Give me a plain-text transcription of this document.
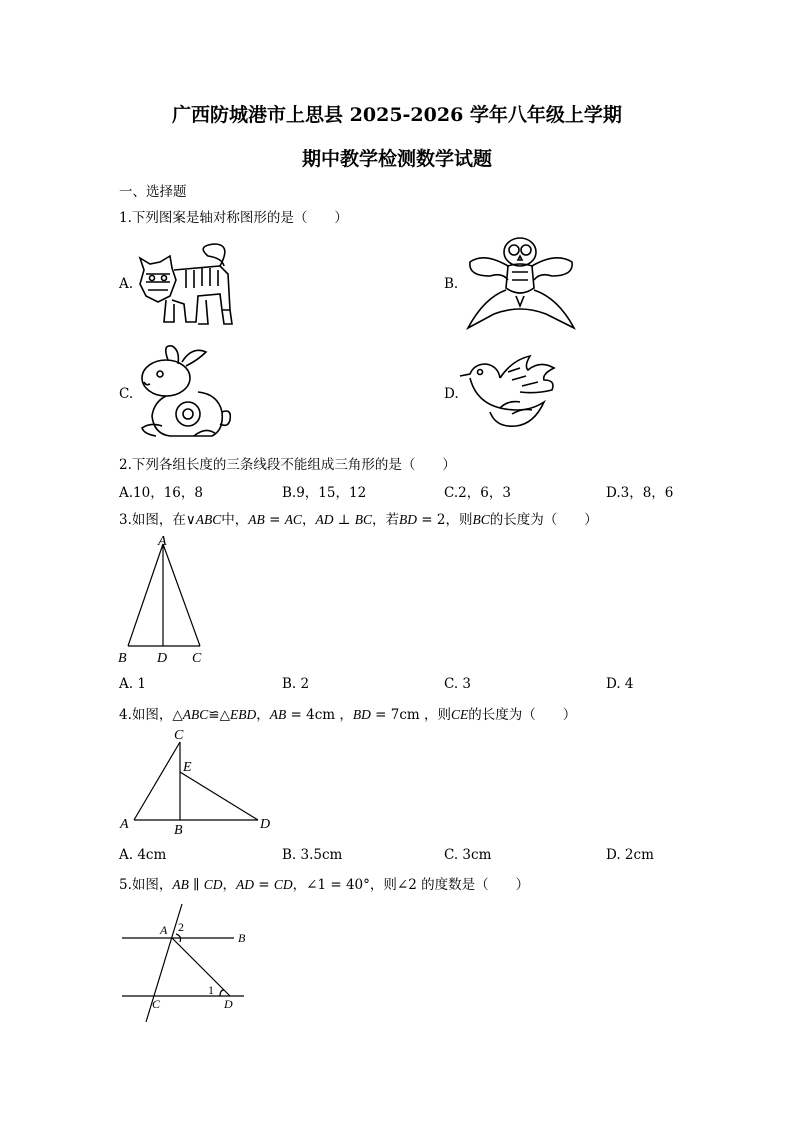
广西防城港市上思县 2025-2026 学年八年级上学期
期中教学检测数学试题
一、选择题
1.下列图案是轴对称图形的是（　　）
A.	B.
C.	D.
2.下列各组长度的三条线段不能组成三角形的是（　　）
A.10，16，8	B.9，15，12	C.2，6，3	D.3，8，6
3.如图，在∨ABC中，AB = AC，AD ⊥ BC，若BD = 2，则BC的长度为（　　）
A
B D C
A. 1	B. 2	C. 3	D. 4
4.如图，△ABC≌△EBD，AB = 4cm ，BD = 7cm ，则CE的长度为（　　）
C
E
A	B	D
A. 4cm	B. 3.5cm	C. 3cm	D. 2cm
5.如图，AB ∥ CD，AD = CD，∠1 = 40°，则∠2 的度数是（　　）
A 2
B
1
C	D
